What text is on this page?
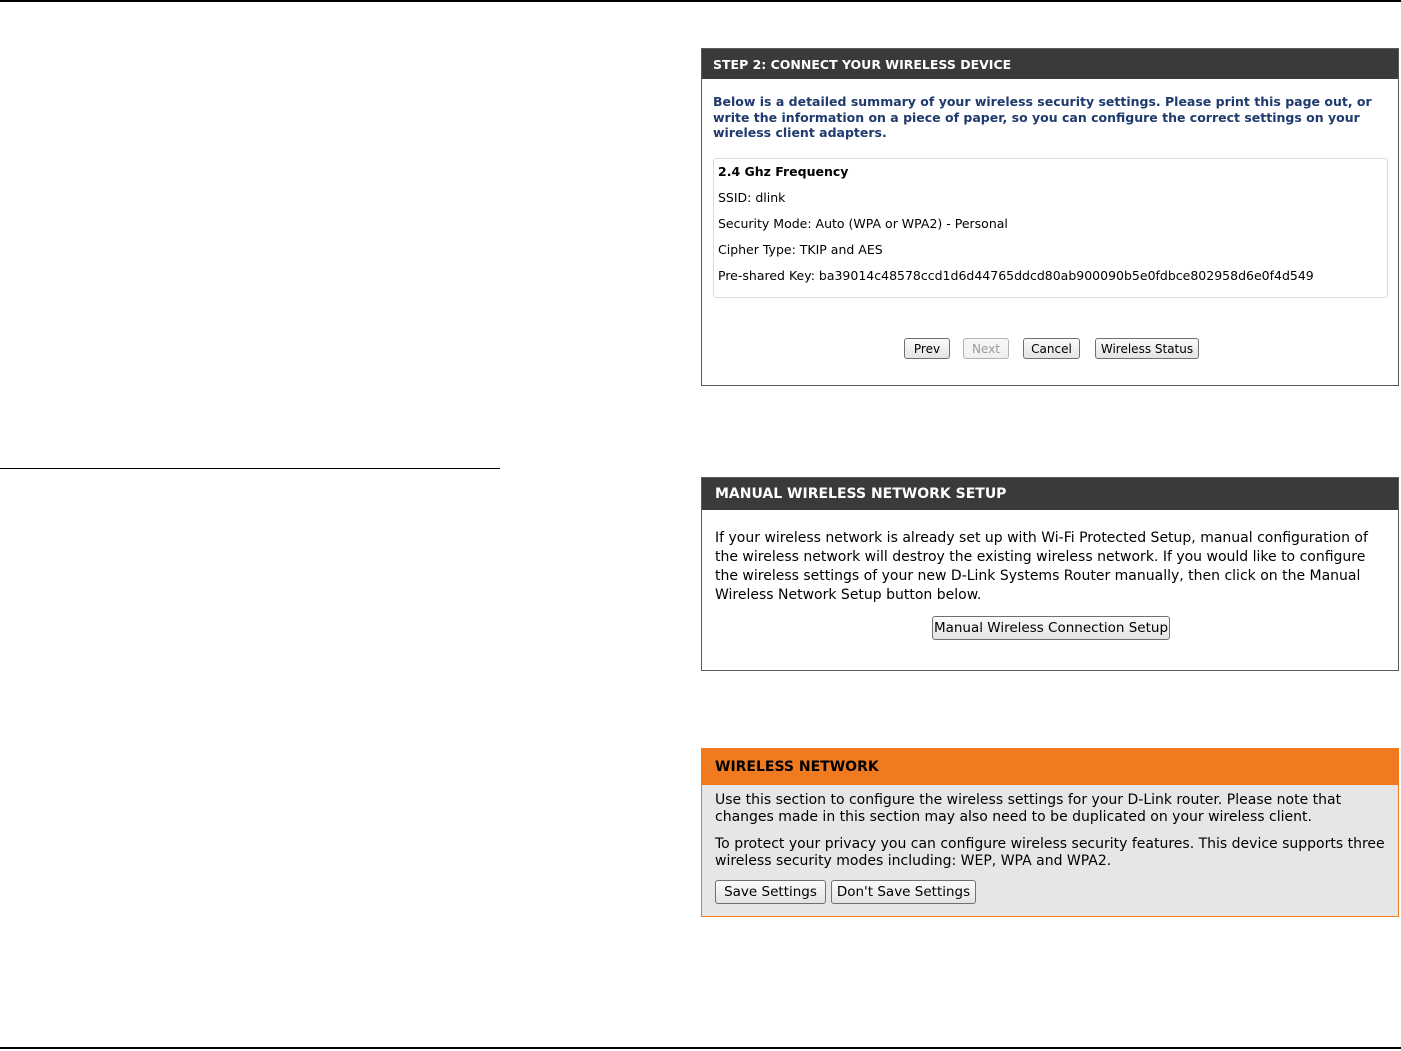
STEP 2: CONNECT YOUR WIRELESS DEVICE
Below is a detailed summary of your wireless security settings. Please print this page out, or write the information on a piece of paper, so you can configure the correct settings on your wireless client adapters.
2.4 Ghz Frequency
SSID: dlink
Security Mode: Auto (WPA or WPA2) - Personal
Cipher Type: TKIP and AES
Pre-shared Key: ba39014c48578ccd1d6d44765ddcd80ab900090b5e0fdbce802958d6e0f4d549
Prev	Next	Cancel	Wireless Status
MANUAL WIRELESS NETWORK SETUP
If your wireless network is already set up with Wi-Fi Protected Setup, manual configuration of the wireless network will destroy the existing wireless network. If you would like to configure the wireless settings of your new D-Link Systems Router manually, then click on the Manual Wireless Network Setup button below.
Manual Wireless Connection Setup
WIRELESS NETWORK
Use this section to configure the wireless settings for your D-Link router. Please note that changes made in this section may also need to be duplicated on your wireless client.
To protect your privacy you can configure wireless security features. This device supports three wireless security modes including: WEP, WPA and WPA2.
Save Settings	Don't Save Settings
